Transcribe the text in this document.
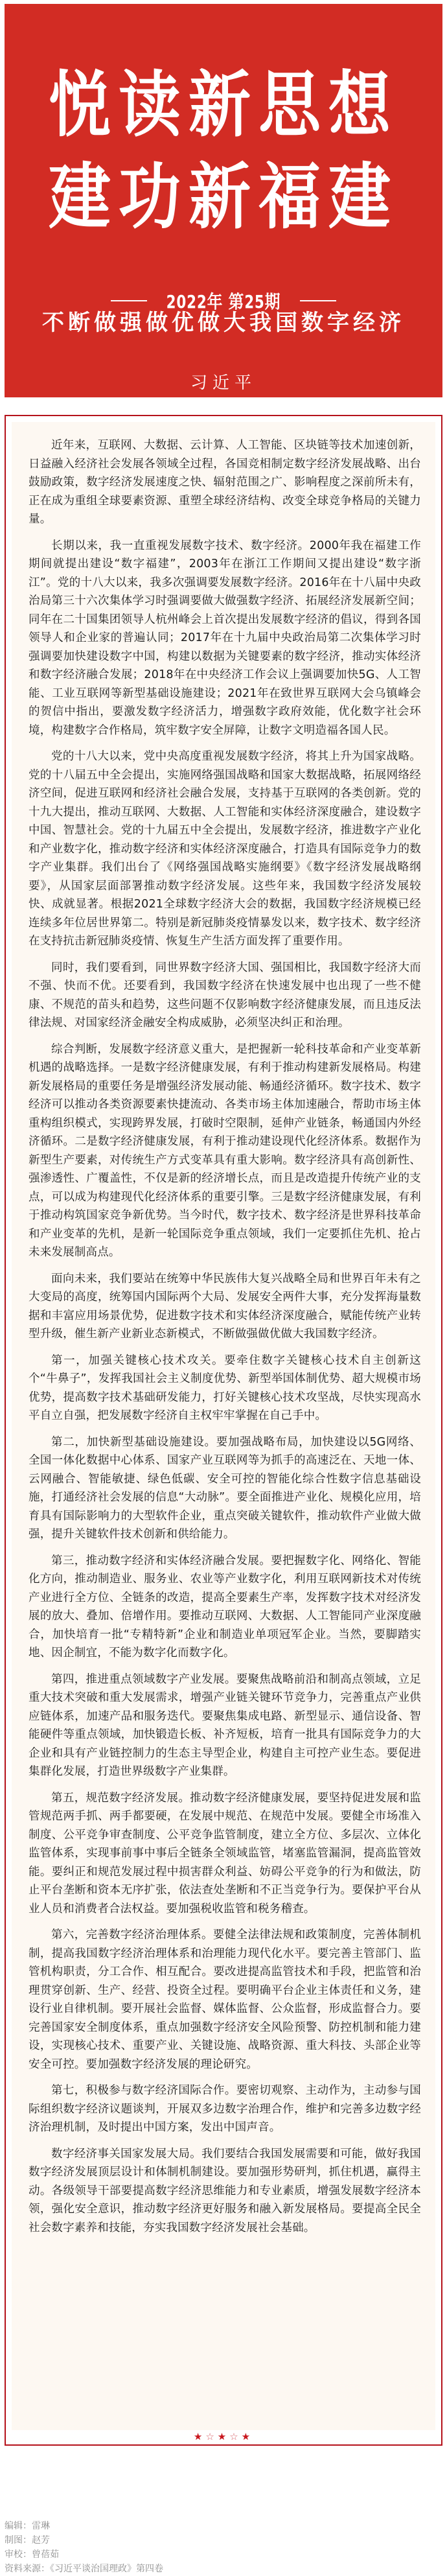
悦读新思想
建功新福建
2022年 第25期
不断做强做优做大我国数字经济
习近平

近年来，互联网、大数据、云计算、人工智能、区块链等技术加速创新，日益融入经济社会发展各领域全过程，各国竞相制定数字经济发展战略、出台鼓励政策，数字经济发展速度之快、辐射范围之广、影响程度之深前所未有，正在成为重组全球要素资源、重塑全球经济结构、改变全球竞争格局的关键力量。

长期以来，我一直重视发展数字技术、数字经济。2000年我在福建工作期间就提出建设“数字福建”，2003年在浙江工作期间又提出建设“数字浙江”。党的十八大以来，我多次强调要发展数字经济。2016年在十八届中央政治局第三十六次集体学习时强调要做大做强数字经济、拓展经济发展新空间；同年在二十国集团领导人杭州峰会上首次提出发展数字经济的倡议，得到各国领导人和企业家的普遍认同；2017年在十九届中央政治局第二次集体学习时强调要加快建设数字中国，构建以数据为关键要素的数字经济，推动实体经济和数字经济融合发展；2018年在中央经济工作会议上强调要加快5G、人工智能、工业互联网等新型基础设施建设；2021年在致世界互联网大会乌镇峰会的贺信中指出，要激发数字经济活力，增强数字政府效能，优化数字社会环境，构建数字合作格局，筑牢数字安全屏障，让数字文明造福各国人民。

党的十八大以来，党中央高度重视发展数字经济，将其上升为国家战略。党的十八届五中全会提出，实施网络强国战略和国家大数据战略，拓展网络经济空间，促进互联网和经济社会融合发展，支持基于互联网的各类创新。党的十九大提出，推动互联网、大数据、人工智能和实体经济深度融合，建设数字中国、智慧社会。党的十九届五中全会提出，发展数字经济，推进数字产业化和产业数字化，推动数字经济和实体经济深度融合，打造具有国际竞争力的数字产业集群。我们出台了《网络强国战略实施纲要》《数字经济发展战略纲要》，从国家层面部署推动数字经济发展。这些年来，我国数字经济发展较快、成就显著。根据2021全球数字经济大会的数据，我国数字经济规模已经连续多年位居世界第二。特别是新冠肺炎疫情暴发以来，数字技术、数字经济在支持抗击新冠肺炎疫情、恢复生产生活方面发挥了重要作用。

同时，我们要看到，同世界数字经济大国、强国相比，我国数字经济大而不强、快而不优。还要看到，我国数字经济在快速发展中也出现了一些不健康、不规范的苗头和趋势，这些问题不仅影响数字经济健康发展，而且违反法律法规、对国家经济金融安全构成威胁，必须坚决纠正和治理。

综合判断，发展数字经济意义重大，是把握新一轮科技革命和产业变革新机遇的战略选择。一是数字经济健康发展，有利于推动构建新发展格局。构建新发展格局的重要任务是增强经济发展动能、畅通经济循环。数字技术、数字经济可以推动各类资源要素快捷流动、各类市场主体加速融合，帮助市场主体重构组织模式，实现跨界发展，打破时空限制，延伸产业链条，畅通国内外经济循环。二是数字经济健康发展，有利于推动建设现代化经济体系。数据作为新型生产要素，对传统生产方式变革具有重大影响。数字经济具有高创新性、强渗透性、广覆盖性，不仅是新的经济增长点，而且是改造提升传统产业的支点，可以成为构建现代化经济体系的重要引擎。三是数字经济健康发展，有利于推动构筑国家竞争新优势。当今时代，数字技术、数字经济是世界科技革命和产业变革的先机，是新一轮国际竞争重点领域，我们一定要抓住先机、抢占未来发展制高点。

面向未来，我们要站在统筹中华民族伟大复兴战略全局和世界百年未有之大变局的高度，统筹国内国际两个大局、发展安全两件大事，充分发挥海量数据和丰富应用场景优势，促进数字技术和实体经济深度融合，赋能传统产业转型升级，催生新产业新业态新模式，不断做强做优做大我国数字经济。

第一，加强关键核心技术攻关。要牵住数字关键核心技术自主创新这个“牛鼻子”，发挥我国社会主义制度优势、新型举国体制优势、超大规模市场优势，提高数字技术基础研发能力，打好关键核心技术攻坚战，尽快实现高水平自立自强，把发展数字经济自主权牢牢掌握在自己手中。

第二，加快新型基础设施建设。要加强战略布局，加快建设以5G网络、全国一体化数据中心体系、国家产业互联网等为抓手的高速泛在、天地一体、云网融合、智能敏捷、绿色低碳、安全可控的智能化综合性数字信息基础设施，打通经济社会发展的信息“大动脉”。要全面推进产业化、规模化应用，培育具有国际影响力的大型软件企业，重点突破关键软件，推动软件产业做大做强，提升关键软件技术创新和供给能力。

第三，推动数字经济和实体经济融合发展。要把握数字化、网络化、智能化方向，推动制造业、服务业、农业等产业数字化，利用互联网新技术对传统产业进行全方位、全链条的改造，提高全要素生产率，发挥数字技术对经济发展的放大、叠加、倍增作用。要推动互联网、大数据、人工智能同产业深度融合，加快培育一批“专精特新”企业和制造业单项冠军企业。当然，要脚踏实地、因企制宜，不能为数字化而数字化。

第四，推进重点领域数字产业发展。要聚焦战略前沿和制高点领域，立足重大技术突破和重大发展需求，增强产业链关键环节竞争力，完善重点产业供应链体系，加速产品和服务迭代。要聚焦集成电路、新型显示、通信设备、智能硬件等重点领域，加快锻造长板、补齐短板，培育一批具有国际竞争力的大企业和具有产业链控制力的生态主导型企业，构建自主可控产业生态。要促进集群化发展，打造世界级数字产业集群。

第五，规范数字经济发展。推动数字经济健康发展，要坚持促进发展和监管规范两手抓、两手都要硬，在发展中规范、在规范中发展。要健全市场准入制度、公平竞争审查制度、公平竞争监管制度，建立全方位、多层次、立体化监管体系，实现事前事中事后全链条全领域监管，堵塞监管漏洞，提高监管效能。要纠正和规范发展过程中损害群众利益、妨碍公平竞争的行为和做法，防止平台垄断和资本无序扩张，依法查处垄断和不正当竞争行为。要保护平台从业人员和消费者合法权益。要加强税收监管和税务稽查。

第六，完善数字经济治理体系。要健全法律法规和政策制度，完善体制机制，提高我国数字经济治理体系和治理能力现代化水平。要完善主管部门、监管机构职责，分工合作、相互配合。要改进提高监管技术和手段，把监管和治理贯穿创新、生产、经营、投资全过程。要明确平台企业主体责任和义务，建设行业自律机制。要开展社会监督、媒体监督、公众监督，形成监督合力。要完善国家安全制度体系，重点加强数字经济安全风险预警、防控机制和能力建设，实现核心技术、重要产业、关键设施、战略资源、重大科技、头部企业等安全可控。要加强数字经济发展的理论研究。

第七，积极参与数字经济国际合作。要密切观察、主动作为，主动参与国际组织数字经济议题谈判，开展双多边数字治理合作，维护和完善多边数字经济治理机制，及时提出中国方案，发出中国声音。

数字经济事关国家发展大局。我们要结合我国发展需要和可能，做好我国数字经济发展顶层设计和体制机制建设。要加强形势研判，抓住机遇，赢得主动。各级领导干部要提高数字经济思维能力和专业素质，增强发展数字经济本领，强化安全意识，推动数字经济更好服务和融入新发展格局。要提高全民全社会数字素养和技能，夯实我国数字经济发展社会基础。

★☆★☆★
编辑：雷琳
制图：赵芳
审校：曾蓓茹
资料来源：《习近平谈治国理政》第四卷
